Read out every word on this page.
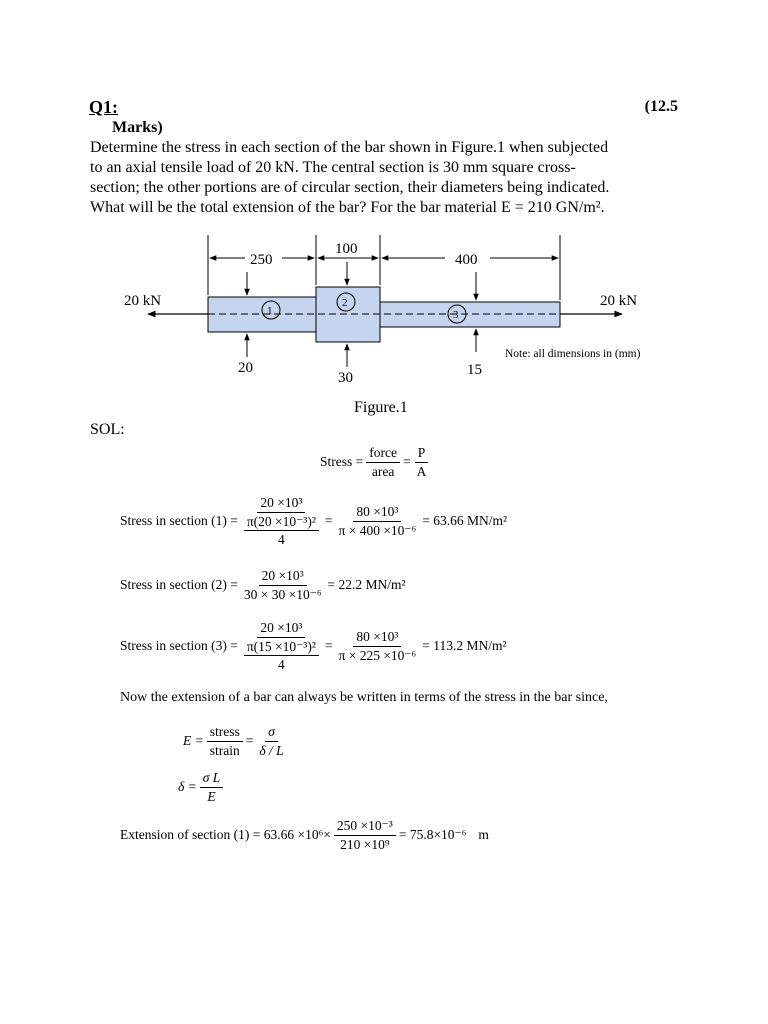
Q1:	(12.5
Marks)
Determine the stress in each section of the bar shown in Figure.1 when subjected
to an axial tensile load of 20 kN. The central section is 30 mm square cross-
section; the other portions are of circular section, their diameters being indicated.
What will be the total extension of the bar? For the bar material E = 210 GN/m².
20 kN	20 kN
250
100
400
20
30	15
1
2
3
Note: all dimensions in (mm)
Figure.1
SOL:
Stress = $\frac{\text{force}}{\text{area}} = \frac{P}{A}$
Stress in section $(1) = \frac{\text{20 ×10³}}{\frac{\text{π(20 ×10⁻³)²}}{4}} = \frac{\text{80 ×10³}}{\text{π × 400 ×10⁻⁶}} = 63.66$ MN/m²
Stress in section $(2) = \frac{\text{20 ×10³}}{\text{30 × 30 ×10⁻⁶}} = 22.2$ MN/m²
Stress in section $(3) = \frac{\text{20 ×10³}}{\frac{\text{π(15 ×10⁻³)²}}{4}} = \frac{\text{80 ×10³}}{\text{π × 225 ×10⁻⁶}} = 113.2$ MN/m²
Now the extension of a bar can always be written in terms of the stress in the bar since,
$E = \frac{\text{stress}}{\text{strain}} = \frac{\sigma}{\delta / L}$
$\delta = \frac{\text{σ L}}{E}$
Extension of section $(1) = 63.66 \times 10^6\times \frac{\text{250 ×10⁻³}}{\text{210 ×10⁹}} = 75.8\times 10^{-6}$ m
